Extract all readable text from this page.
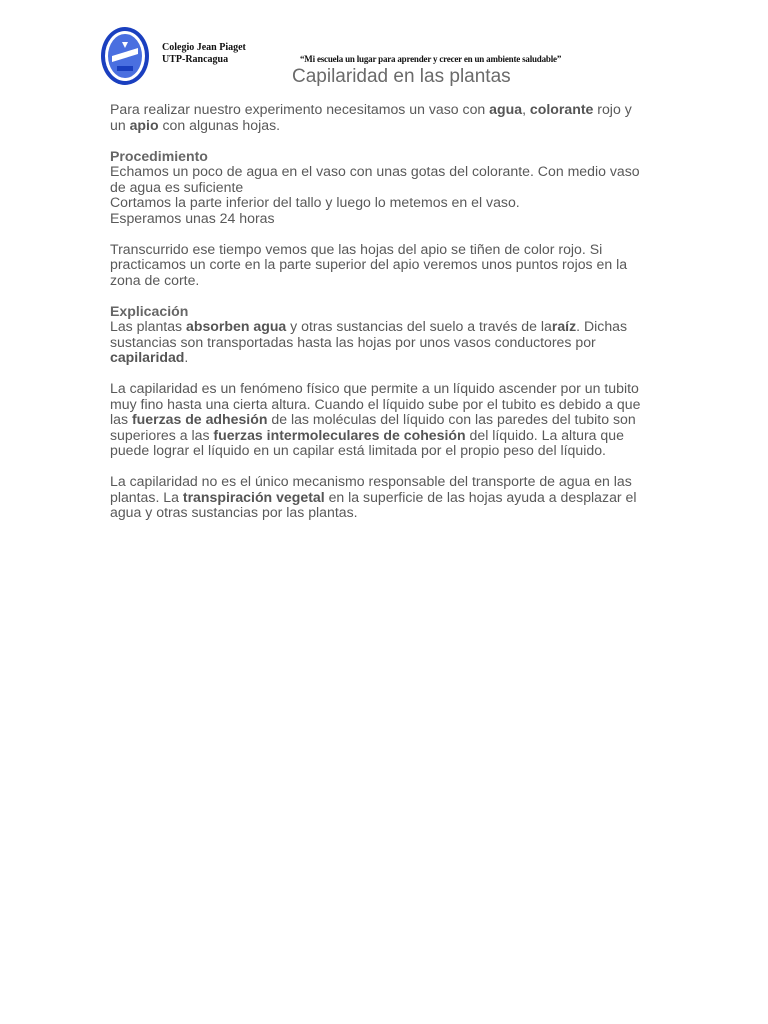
Colegio Jean Piaget
UTP-Rancagua	“Mi escuela un lugar para aprender y crecer en un ambiente saludable”
Capilaridad en las plantas

Para realizar nuestro experimento necesitamos un vaso con agua, colorante rojo y un apio con algunas hojas.

Procedimiento
Echamos un poco de agua en el vaso con unas gotas del colorante. Con medio vaso de agua es suficiente
Cortamos la parte inferior del tallo y luego lo metemos en el vaso.
Esperamos unas 24 horas

Transcurrido ese tiempo vemos que las hojas del apio se tiñen de color rojo. Si practicamos un corte en la parte superior del apio veremos unos puntos rojos en la zona de corte.

Explicación
Las plantas absorben agua y otras sustancias del suelo a través de laraíz. Dichas sustancias son transportadas hasta las hojas por unos vasos conductores por capilaridad.

La capilaridad es un fenómeno físico que permite a un líquido ascender por un tubito muy fino hasta una cierta altura. Cuando el líquido sube por el tubito es debido a que las fuerzas de adhesión de las moléculas del líquido con las paredes del tubito son superiores a las fuerzas intermoleculares de cohesión del líquido. La altura que puede lograr el líquido en un capilar está limitada por el propio peso del líquido.

La capilaridad no es el único mecanismo responsable del transporte de agua en las plantas. La transpiración vegetal en la superficie de las hojas ayuda a desplazar el agua y otras sustancias por las plantas.
